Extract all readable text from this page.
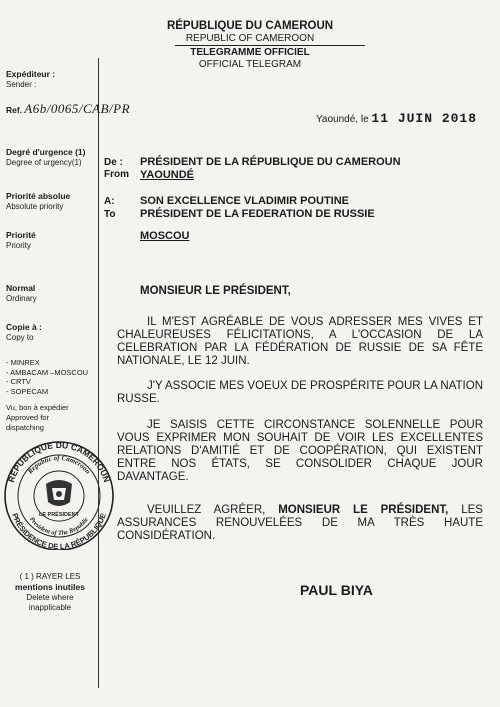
RÉPUBLIQUE DU CAMEROUN
REPUBLIC OF CAMEROON
TELEGRAMME OFFICIEL
OFFICIAL TELEGRAM
Expéditeur :
Sender :
Ref. A6b/0065/CAB/PR
Degré d'urgence (1)
Degree of urgency(1)
Priorité absolue
Absolute priority
Priorité
Priority
Normal
Ordinary
Copie à :
Copy to
- MINREX
- AMBACAM –MOSCOU
- CRTV
- SOPECAM
Vu, bon à expédier
Approved for
dispatching
( 1 ) RAYER LES
mentions inutiles
Delete where
inapplicable
Yaoundé, le 11 JUIN 2018
De :
From
PRÉSIDENT DE LA RÉPUBLIQUE DU CAMEROUN
YAOUNDÉ
A:
To
SON EXCELLENCE VLADIMIR POUTINE
PRÉSIDENT DE LA FEDERATION DE RUSSIE
MOSCOU
MONSIEUR LE PRÉSIDENT,
IL M'EST AGRÉABLE DE VOUS ADRESSER MES VIVES ET CHALEUREUSES FÉLICITATIONS, A L'OCCASION DE LA CELEBRATION PAR LA FÉDÉRATION DE RUSSIE DE SA FÊTE NATIONALE, LE 12 JUIN.
J'Y ASSOCIE MES VOEUX DE PROSPÉRITE POUR LA NATION RUSSE.
JE SAISIS CETTE CIRCONSTANCE SOLENNELLE POUR VOUS EXPRIMER MON SOUHAIT DE VOIR LES EXCELLENTES RELATIONS D'AMITIÉ ET DE COOPÉRATION, QUI EXISTENT ENTRE NOS ÉTATS, SE CONSOLIDER CHAQUE JOUR DAVANTAGE.
VEUILLEZ AGRÉER, MONSIEUR LE PRÉSIDENT, LES ASSURANCES RENOUVELÉES DE MA TRÈS HAUTE CONSIDÉRATION.
PAUL BIYA
RÉPUBLIQUE DU CAMEROUN
Republic of Cameroon
President of The Republic
PRÉSIDENCE DE LA RÉPUBLIQUE
LE PRÉSIDENT
